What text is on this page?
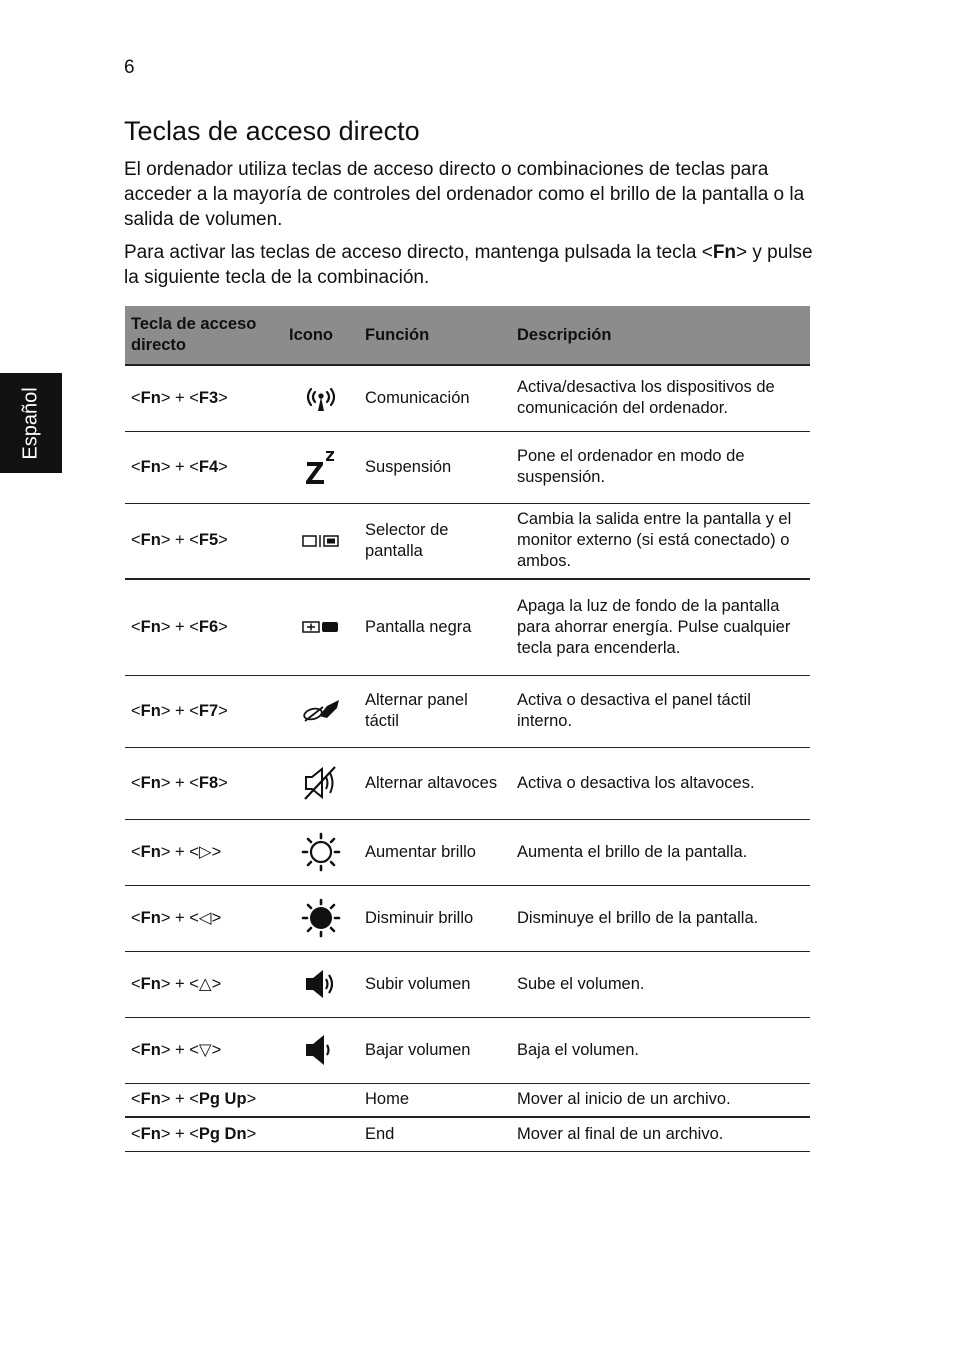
6
Español
Teclas de acceso directo

El ordenador utiliza teclas de acceso directo o combinaciones de teclas para acceder a la mayoría de controles del ordenador como el brillo de la pantalla o la salida de volumen.

Para activar las teclas de acceso directo, mantenga pulsada la tecla <Fn> y pulse la siguiente tecla de la combinación.

Tecla de acceso directo	Icono	Función	Descripción
<Fn> + <F3>		Comunicación	Activa/desactiva los dispositivos de comunicación del ordenador.
<Fn> + <F4>		Suspensión	Pone el ordenador en modo de suspensión.
<Fn> + <F5>		Selector de pantalla	Cambia la salida entre la pantalla y el monitor externo (si está conectado) o ambos.
<Fn> + <F6>		Pantalla negra	Apaga la luz de fondo de la pantalla para ahorrar energía. Pulse cualquier tecla para encenderla.
<Fn> + <F7>		Alternar panel táctil	Activa o desactiva el panel táctil interno.
<Fn> + <F8>		Alternar altavoces	Activa o desactiva los altavoces.
<Fn> + <▷>		Aumentar brillo	Aumenta el brillo de la pantalla.
<Fn> + <◁>		Disminuir brillo	Disminuye el brillo de la pantalla.
<Fn> + <△>		Subir volumen	Sube el volumen.
<Fn> + <▽>		Bajar volumen	Baja el volumen.
<Fn> + <Pg Up>		Home	Mover al inicio de un archivo.
<Fn> + <Pg Dn>		End	Mover al final de un archivo.
